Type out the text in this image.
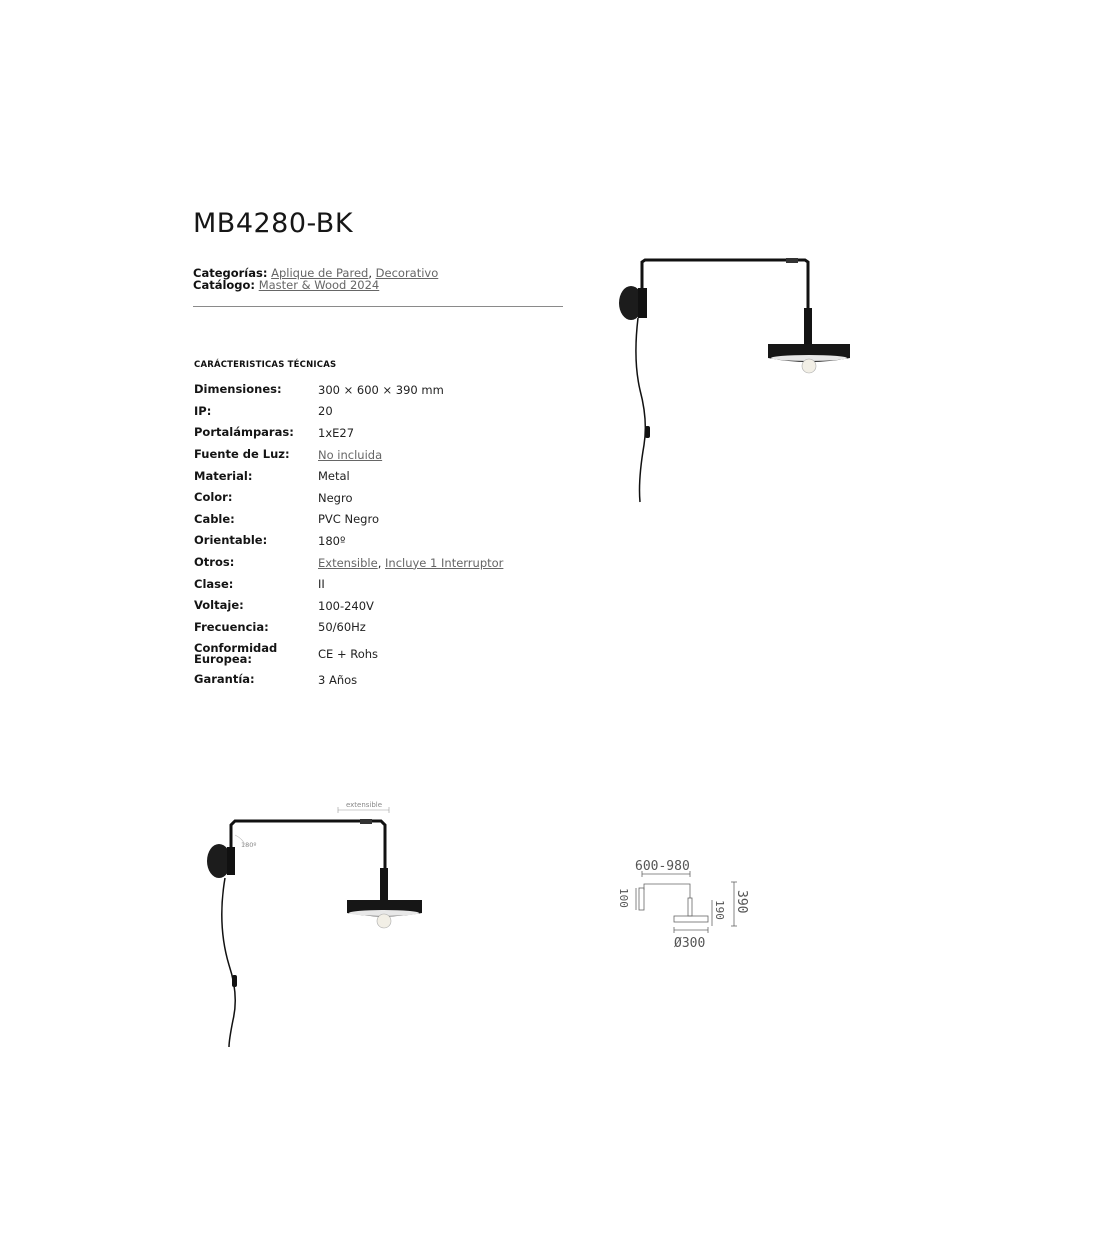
MB4280-BK
Categorías: Aplique de Pared, Decorativo
Catálogo: Master & Wood 2024
CARÁCTERISTICAS TÉCNICAS
Dimensiones:	300 × 600 × 390 mm
IP:	20
Portalámparas:	1xE27
Fuente de Luz:	No incluida
Material:	Metal
Color:	Negro
Cable:	PVC Negro
Orientable:	180º
Otros:	Extensible, Incluye 1 Interruptor
Clase:	II
Voltaje:	100-240V
Frecuencia:	50/60Hz
Conformidad Europea:	CE + Rohs
Garantía:	3 Años
extensible
180º
600-980
Ø300
100
190 390
